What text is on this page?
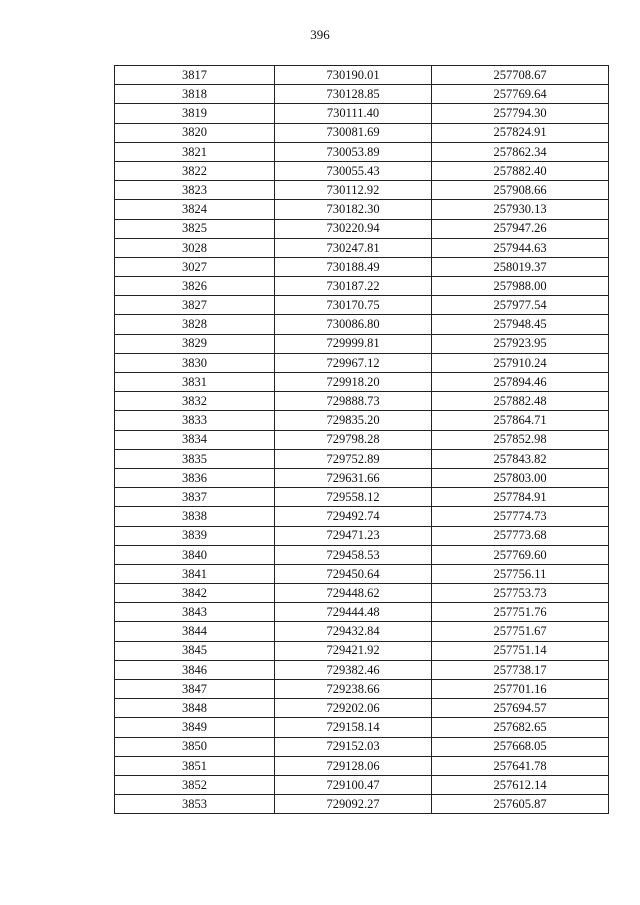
396
3817	730190.01	257708.67
3818	730128.85	257769.64
3819	730111.40	257794.30
3820	730081.69	257824.91
3821	730053.89	257862.34
3822	730055.43	257882.40
3823	730112.92	257908.66
3824	730182.30	257930.13
3825	730220.94	257947.26
3028	730247.81	257944.63
3027	730188.49	258019.37
3826	730187.22	257988.00
3827	730170.75	257977.54
3828	730086.80	257948.45
3829	729999.81	257923.95
3830	729967.12	257910.24
3831	729918.20	257894.46
3832	729888.73	257882.48
3833	729835.20	257864.71
3834	729798.28	257852.98
3835	729752.89	257843.82
3836	729631.66	257803.00
3837	729558.12	257784.91
3838	729492.74	257774.73
3839	729471.23	257773.68
3840	729458.53	257769.60
3841	729450.64	257756.11
3842	729448.62	257753.73
3843	729444.48	257751.76
3844	729432.84	257751.67
3845	729421.92	257751.14
3846	729382.46	257738.17
3847	729238.66	257701.16
3848	729202.06	257694.57
3849	729158.14	257682.65
3850	729152.03	257668.05
3851	729128.06	257641.78
3852	729100.47	257612.14
3853	729092.27	257605.87
